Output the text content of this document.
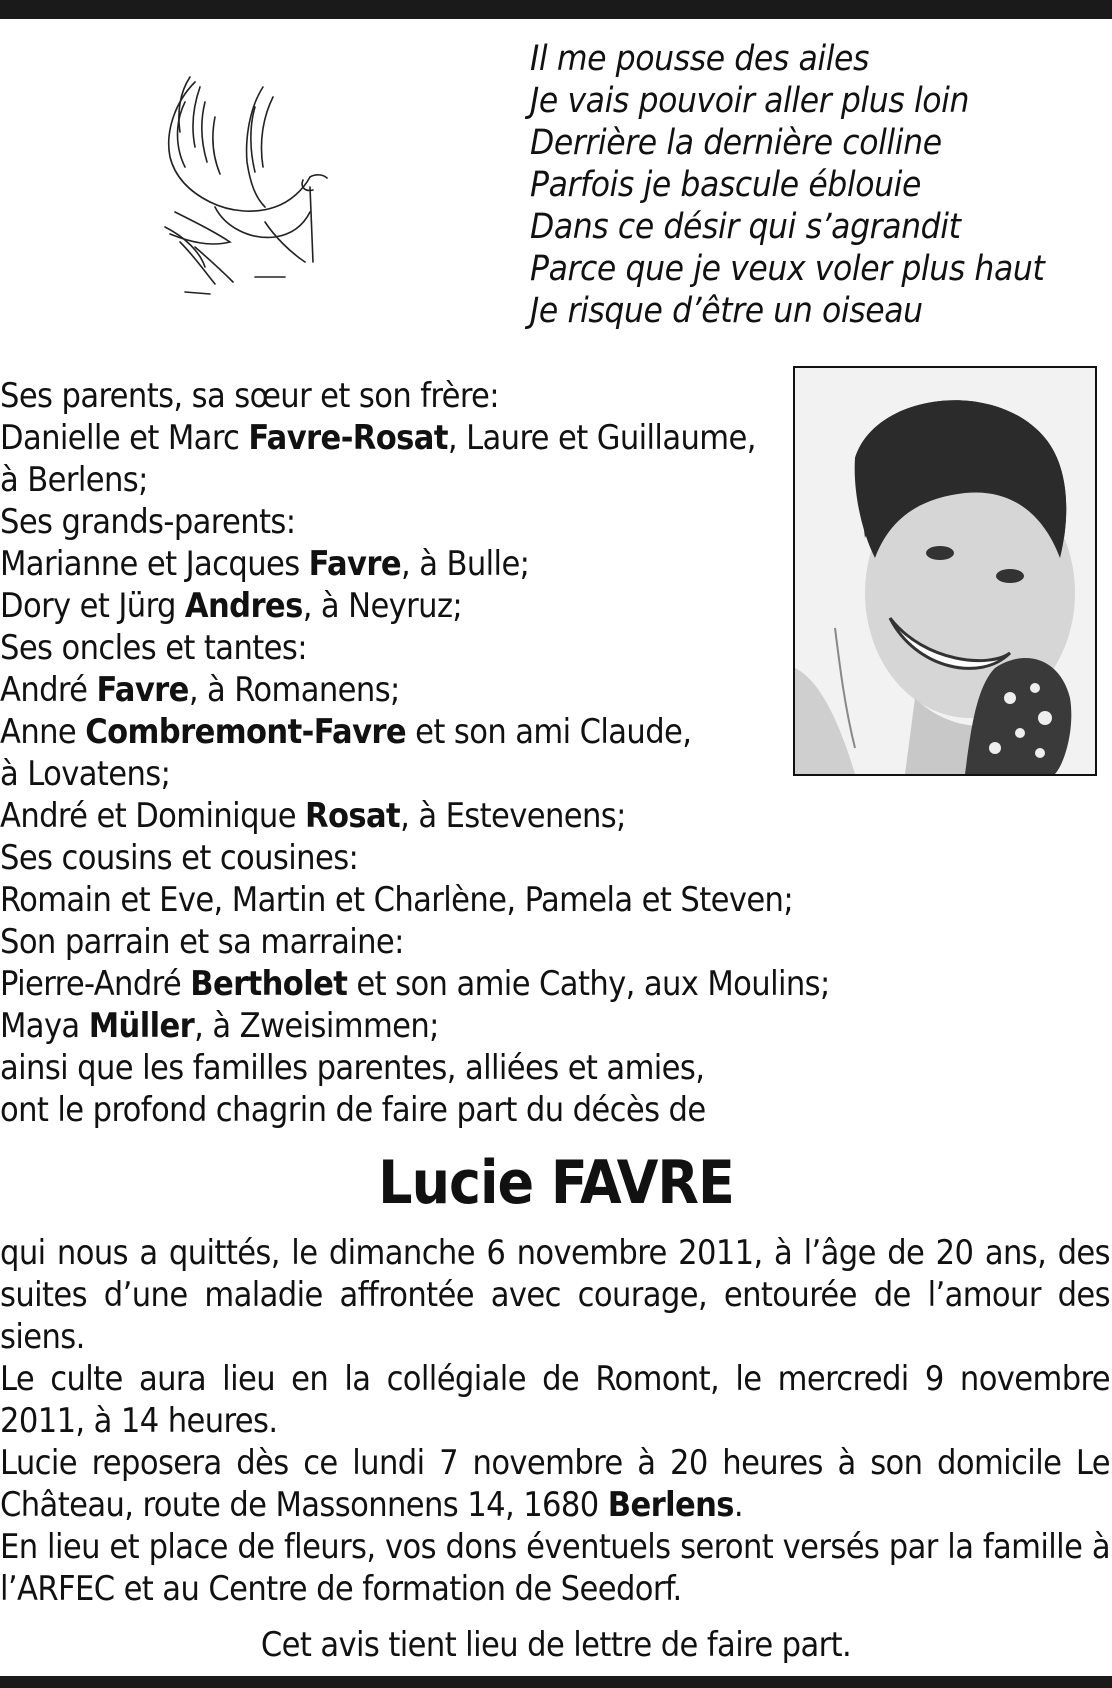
Il me pousse des ailes
Je vais pouvoir aller plus loin
Derrière la dernière colline
Parfois je bascule éblouie
Dans ce désir qui s’agrandit
Parce que je veux voler plus haut
Je risque d’être un oiseau
Ses parents, sa sœur et son frère:
Danielle et Marc Favre-Rosat, Laure et Guillaume,
à Berlens;
Ses grands-parents:
Marianne et Jacques Favre, à Bulle;
Dory et Jürg Andres, à Neyruz;
Ses oncles et tantes:
André Favre, à Romanens;
Anne Combremont-Favre et son ami Claude,
à Lovatens;
André et Dominique Rosat, à Estevenens;
Ses cousins et cousines:
Romain et Eve, Martin et Charlène, Pamela et Steven;
Son parrain et sa marraine:
Pierre-André Bertholet et son amie Cathy, aux Moulins;
Maya Müller, à Zweisimmen;
ainsi que les familles parentes, alliées et amies,
ont le profond chagrin de faire part du décès de
Lucie FAVRE
qui nous a quittés, le dimanche 6 novembre 2011, à l’âge de 20 ans, des suites d’une maladie affrontée avec courage, entourée de l’amour des siens.
Le culte aura lieu en la collégiale de Romont, le mercredi 9 novembre 2011, à 14 heures.
Lucie reposera dès ce lundi 7 novembre à 20 heures à son domicile Le Château, route de Massonnens 14, 1680 Berlens.
En lieu et place de fleurs, vos dons éventuels seront versés par la famille à l’ARFEC et au Centre de formation de Seedorf.
Cet avis tient lieu de lettre de faire part.
